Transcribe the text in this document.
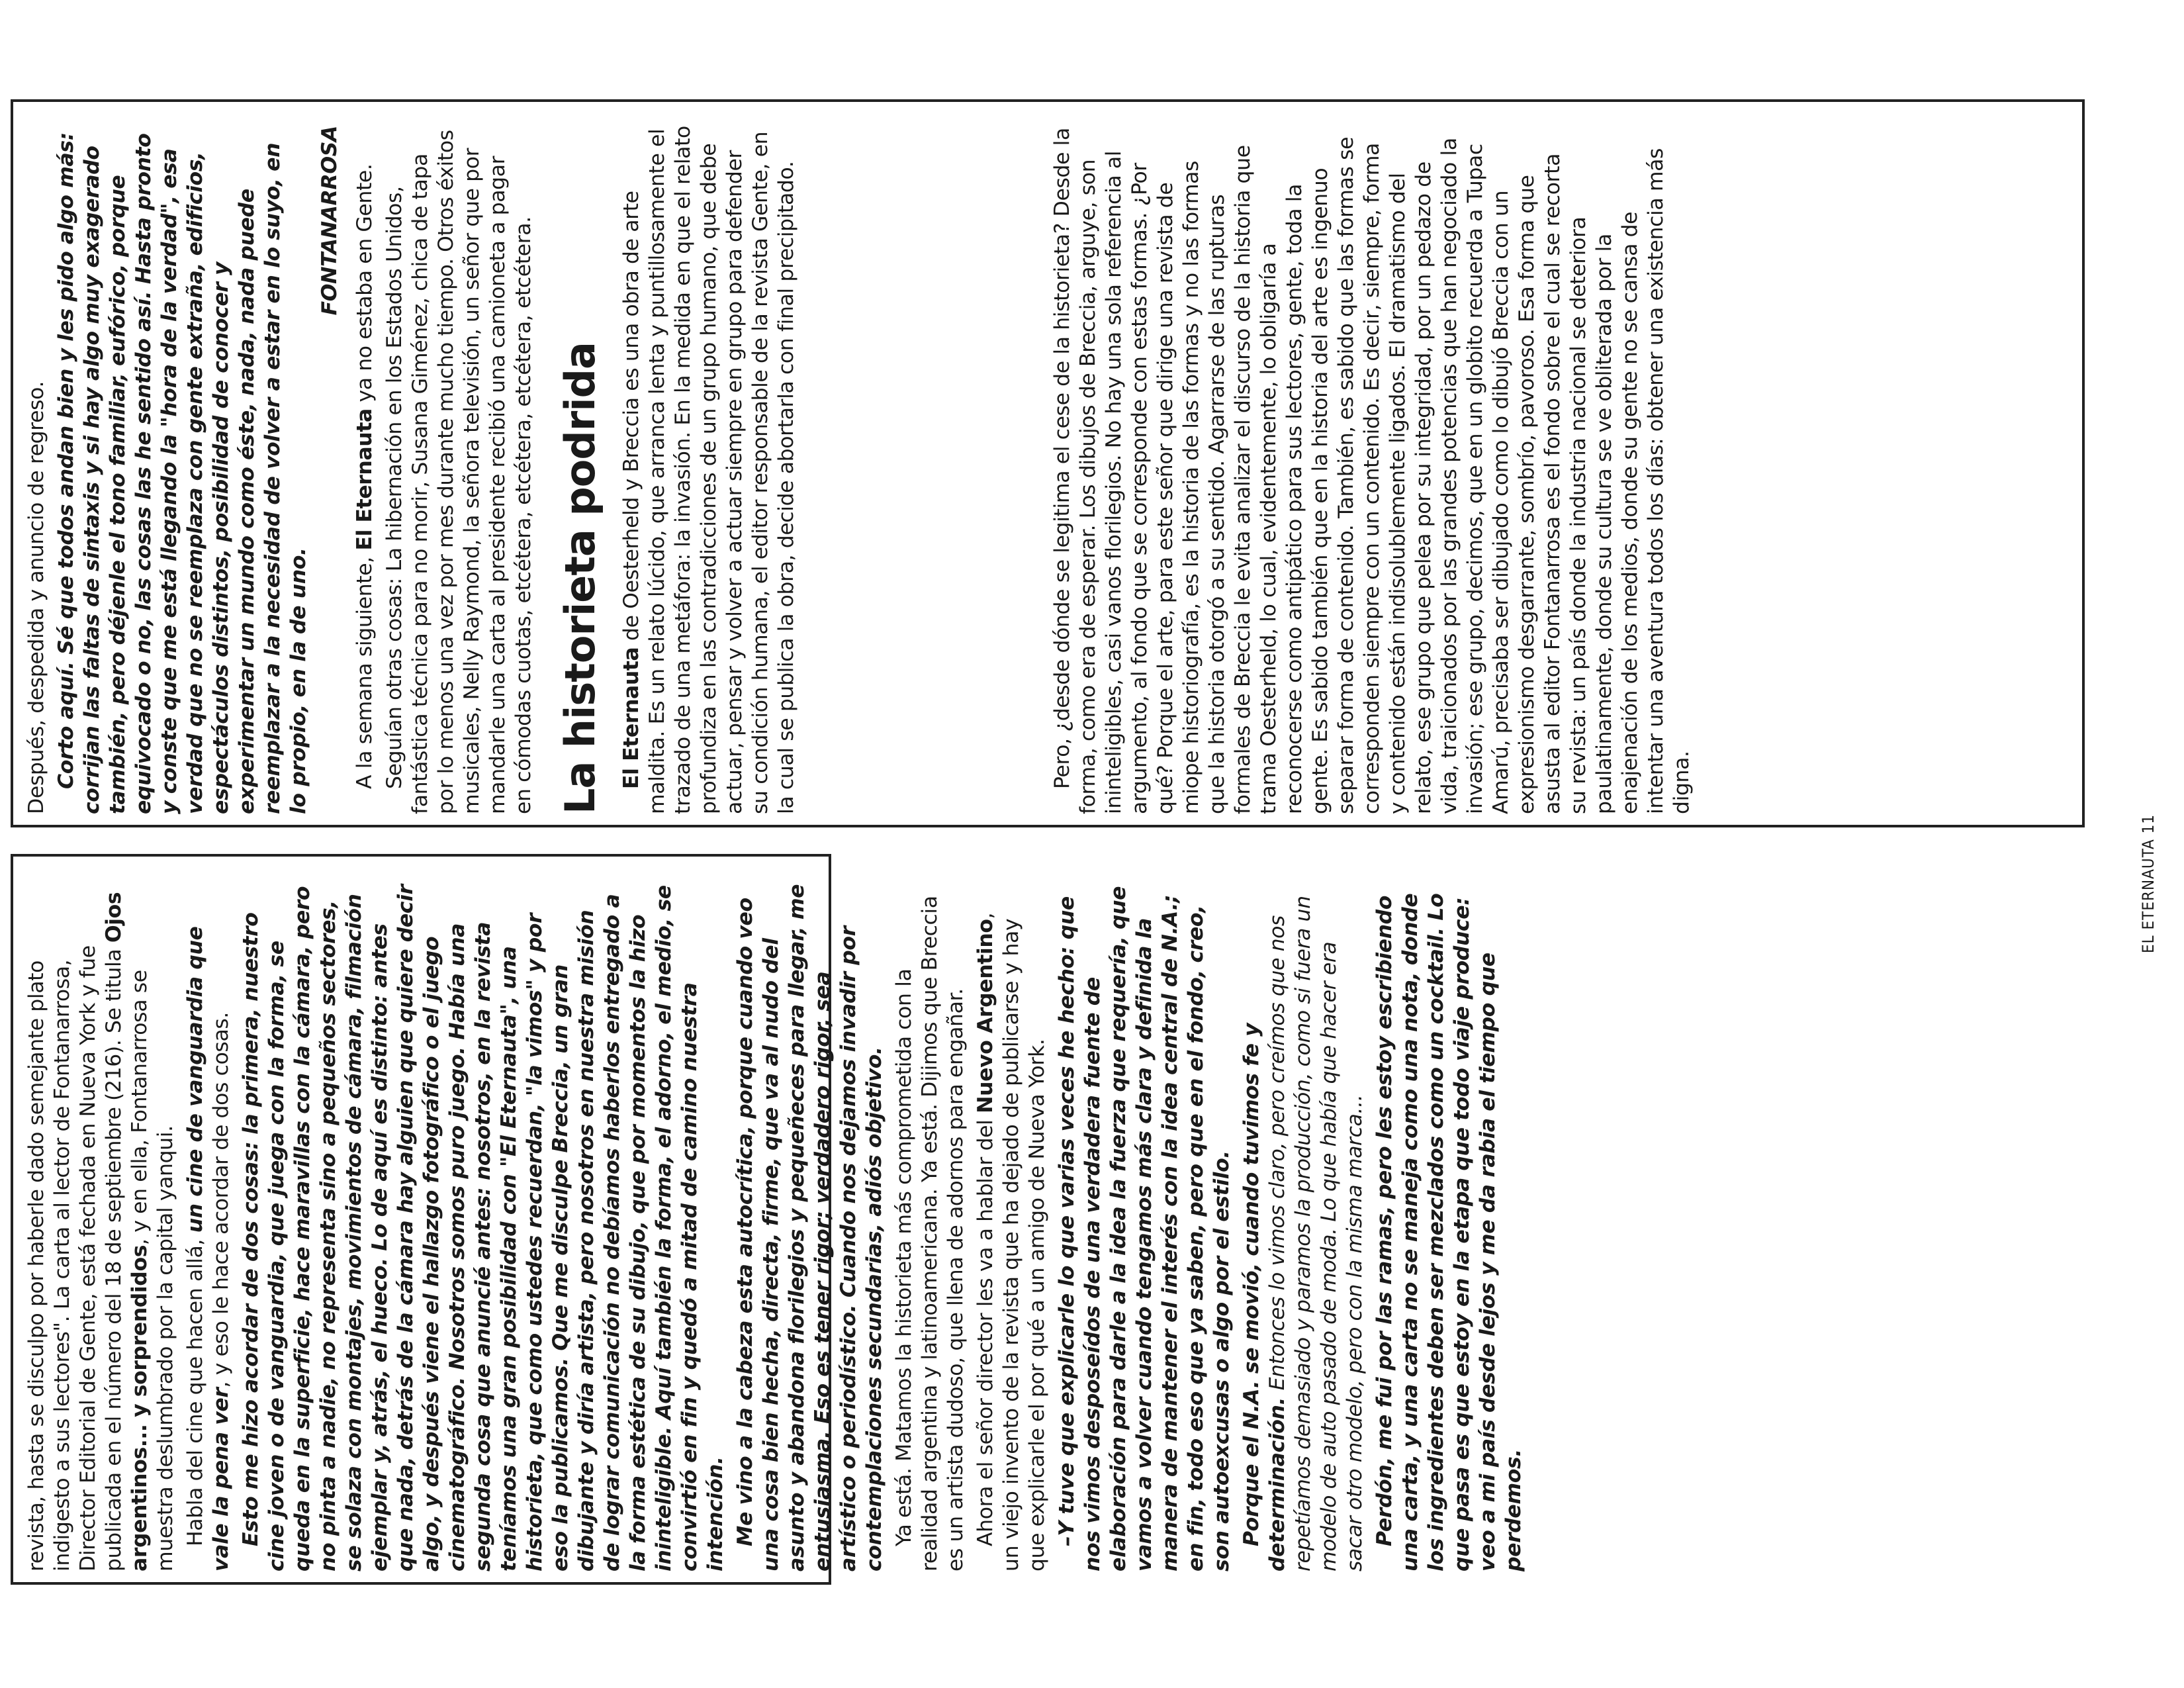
revista, hasta se disculpo por haberle dado semejante plato indigesto a sus lectores". La carta al lector de Fontanarrosa, Director Editorial de Gente, está fechada en Nueva York y fue publicada en el número del 18 de septiembre (216). Se titula Ojos argentinos... y sorprendidos, y en ella, Fontanarrosa se muestra deslumbrado por la capital yanqui. Habla del cine que hacen allá, un cine de vanguardia que vale la pena ver, y eso le hace acordar de dos cosas. Esto me hizo acordar de dos cosas: la primera, nuestro cine joven o de vanguardia, que juega con la forma, se queda en la superficie, hace maravillas con la cámara, pero no pinta a nadie, no representa sino a pequeños sectores, se solaza con montajes, movimientos de cámara, filmación ejemplar y, atrás, el hueco. Lo de aquí es distinto: antes que nada, detrás de la cámara hay alguien que quiere decir algo, y después viene el hallazgo fotográfico o el juego cinematográfico. Nosotros somos puro juego. Había una segunda cosa que anuncié antes: nosotros, en la revista teníamos una gran posibilidad con "El Eternauta", una historieta, que como ustedes recuerdan, "la vimos" y por eso la publicamos. Que me disculpe Breccia, un gran dibujante y diría artista, pero nosotros en nuestra misión de lograr comunicación no debíamos haberlos entregado a la forma estética de su dibujo, que por momentos la hizo ininteligible. Aquí también la forma, el adorno, el medio, se convirtió en fin y quedó a mitad de camino nuestra intención. Me vino a la cabeza esta autocrítica, porque cuando veo una cosa bien hecha, directa, firme, que va al nudo del asunto y abandona florilegios y pequeñeces para llegar, me entusiasma. Eso es tener rigor; verdadero rigor, sea artístico o periodístico. Cuando nos dejamos invadir por contemplaciones secundarias, adiós objetivo. Ya está. Matamos la historieta más comprometida con la realidad argentina y latinoamericana. Ya está. Dijimos que Breccia es un artista dudoso, que llena de adornos para engañar. Ahora el señor director les va a hablar del Nuevo Argentino, un viejo invento de la revista que ha dejado de publicarse y hay que explicarle el por qué a un amigo de Nueva York. –Y tuve que explicarle lo que varias veces he hecho: que nos vimos desposeídos de una verdadera fuente de elaboración para darle a la idea la fuerza que requería, que vamos a volver cuando tengamos más clara y definida la manera de mantener el interés con la idea central de N.A.; en fin, todo eso que ya saben, pero que en el fondo, creo, son autoexcusas o algo por el estilo. Porque el N.A. se movió, cuando tuvimos fe y determinación. Entonces lo vimos claro, pero creímos que nos repetíamos demasiado y paramos la producción, como si fuera un modelo de auto pasado de moda. Lo que había que hacer era sacar otro modelo, pero con la misma marca... Perdón, me fui por las ramas, pero les estoy escribiendo una carta, y una carta no se maneja como una nota, donde los ingredientes deben ser mezclados como un cocktail. Lo que pasa es que estoy en la etapa que todo viaje produce: veo a mi país desde lejos y me da rabia el tiempo que perdemos.

Después, despedida y anuncio de regreso. Corto aquí. Sé que todos andan bien y les pido algo más: corrijan las faltas de sintaxis y si hay algo muy exagerado también, pero déjenle el tono familiar, eufórico, porque equivocado o no, las cosas las he sentido así. Hasta pronto y conste que me está llegando la "hora de la verdad", esa verdad que no se reemplaza con gente extraña, edificios, espectáculos distintos, posibilidad de conocer y experimentar un mundo como éste, nada, nada puede reemplazar a la necesidad de volver a estar en lo suyo, en lo propio, en la de uno.

FONTANARROSA

A la semana siguiente, El Eternauta ya no estaba en Gente. Seguían otras cosas: La hibernación en los Estados Unidos, fantástica técnica para no morir, Susana Giménez, chica de tapa por lo menos una vez por mes durante mucho tiempo. Otros éxitos musicales, Nelly Raymond, la señora televisión, un señor que por mandarle una carta al presidente recibió una camioneta a pagar en cómodas cuotas, etcétera, etcétera, etcétera, etcétera. La historieta podrida El Eternauta de Oesterheld y Breccia es una obra de arte maldita. Es un relato lúcido, que arranca lenta y puntillosamente el trazado de una metáfora: la invasión. En la medida en que el relato profundiza en las contradicciones de un grupo humano, que debe actuar, pensar y volver a actuar siempre en grupo para defender su condición humana, el editor responsable de la revista Gente, en la cual se publica la obra, decide abortarla con final precipitado.	Pero, ¿desde dónde se legitima el cese de la historieta? Desde la forma, como era de esperar. Los dibujos de Breccia, arguye, son ininteligibles, casi vanos florilegios. No hay una sola referencia al argumento, al fondo que se corresponde con estas formas. ¿Por qué? Porque el arte, para este señor que dirige una revista de miope historiografía, es la historia de las formas y no las formas que la historia otorgó a su sentido. Agarrarse de las rupturas formales de Breccia le evita analizar el discurso de la historia que trama Oesterheld, lo cual, evidentemente, lo obligaría a reconocerse como antipático para sus lectores, gente, toda la gente. Es sabido también que en la historia del arte es ingenuo separar forma de contenido. También, es sabido que las formas se corresponden siempre con un contenido. Es decir, siempre, forma y contenido están indisolublemente ligados. El dramatismo del relato, ese grupo que pelea por su integridad, por un pedazo de vida, traicionados por las grandes potencias que han negociado la invasión; ese grupo, decimos, que en un globito recuerda a Tupac Amarú, precisaba ser dibujado como lo dibujó Breccia con un expresionismo desgarrante, sombrío, pavoroso. Esa forma que asusta al editor Fontanarrosa es el fondo sobre el cual se recorta su revista: un país donde la industria nacional se deteriora paulatinamente, donde su cultura se ve obliterada por la enajenación de los medios, donde su gente no se cansa de intentar una aventura todos los días: obtener una existencia más digna.

EL ETERNAUTA 11
